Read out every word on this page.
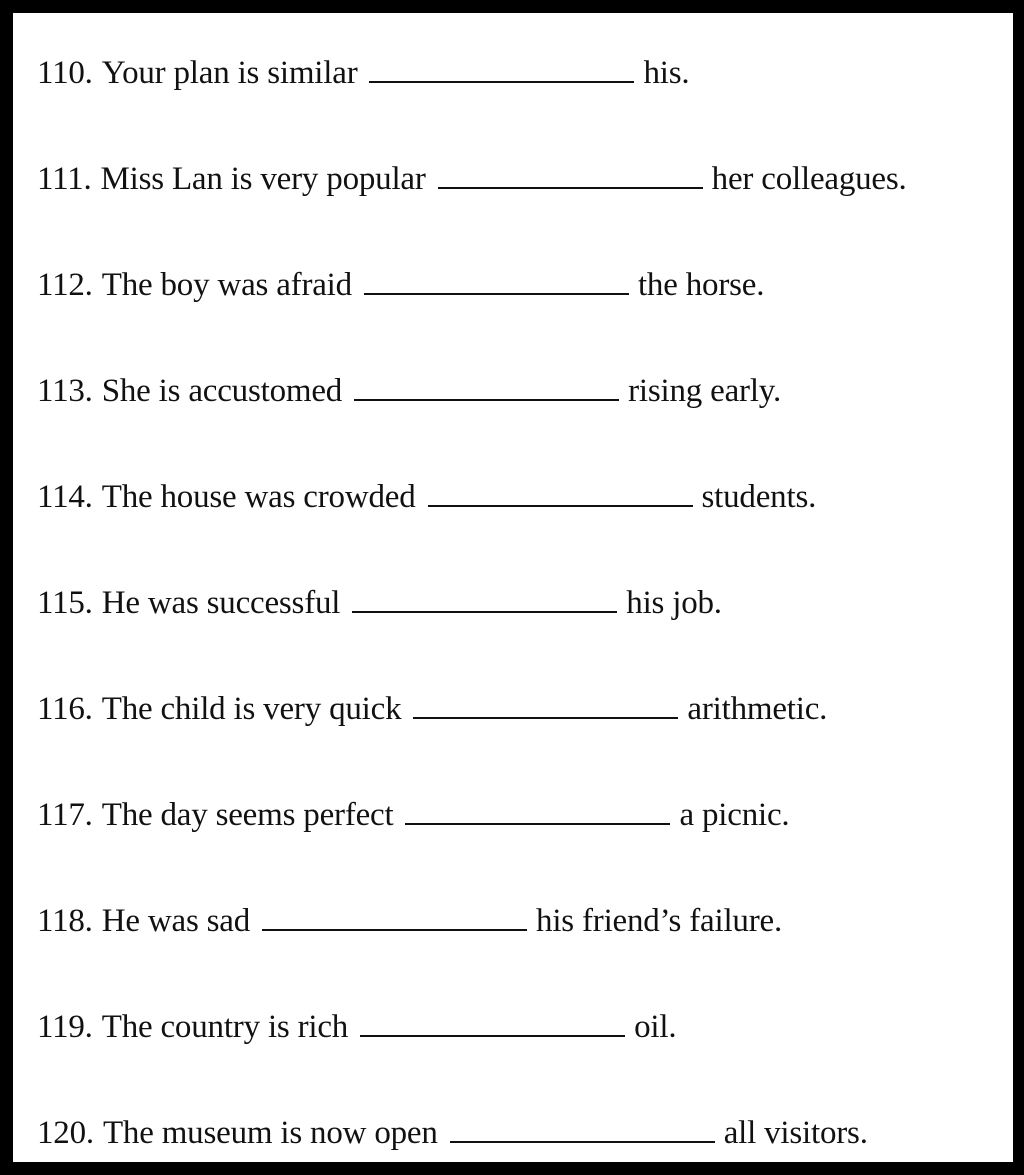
110. Your plan is similar	his.
111. Miss Lan is very popular	her colleagues.
112. The boy was afraid	the horse.
113. She is accustomed	rising early.
114. The house was crowded	students.
115. He was successful	his job.
116. The child is very quick	arithmetic.
117. The day seems perfect	a picnic.
118. He was sad	his friend’s failure.
119. The country is rich	oil.
120. The museum is now open	all visitors.
